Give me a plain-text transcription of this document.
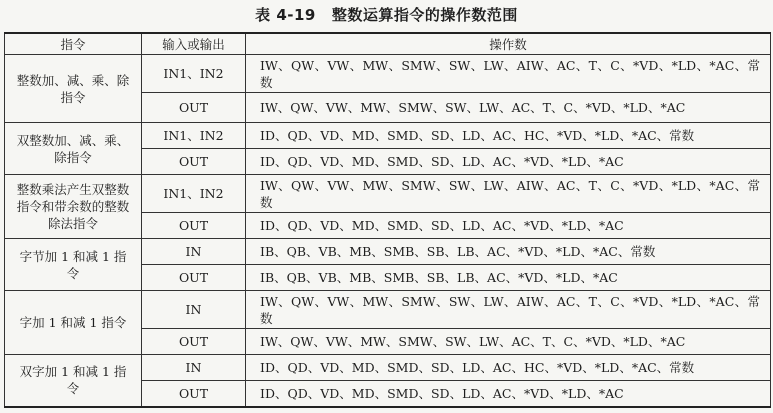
表 4-19 整数运算指令的操作数范围
指令	输入或输出	操作数
整数加、减、乘、除指令	IN1、IN2	IW、QW、VW、MW、SMW、SW、LW、AIW、AC、T、C、*VD、*LD、*AC、常数
	OUT	IW、QW、VW、MW、SMW、SW、LW、AC、T、C、*VD、*LD、*AC
双整数加、减、乘、除指令	IN1、IN2	ID、QD、VD、MD、SMD、SD、LD、AC、HC、*VD、*LD、*AC、常数
	OUT	ID、QD、VD、MD、SMD、SD、LD、AC、*VD、*LD、*AC
整数乘法产生双整数指令和带余数的整数除法指令	IN1、IN2	IW、QW、VW、MW、SMW、SW、LW、AIW、AC、T、C、*VD、*LD、*AC、常数
	OUT	ID、QD、VD、MD、SMD、SD、LD、AC、*VD、*LD、*AC
字节加 1 和减 1 指令	IN	IB、QB、VB、MB、SMB、SB、LB、AC、*VD、*LD、*AC、常数
	OUT	IB、QB、VB、MB、SMB、SB、LB、AC、*VD、*LD、*AC
字加 1 和减 1 指令	IN	IW、QW、VW、MW、SMW、SW、LW、AIW、AC、T、C、*VD、*LD、*AC、常数
	OUT	IW、QW、VW、MW、SMW、SW、LW、AC、T、C、*VD、*LD、*AC
双字加 1 和减 1 指令	IN	ID、QD、VD、MD、SMD、SD、LD、AC、HC、*VD、*LD、*AC、常数
	OUT	ID、QD、VD、MD、SMD、SD、LD、AC、*VD、*LD、*AC
